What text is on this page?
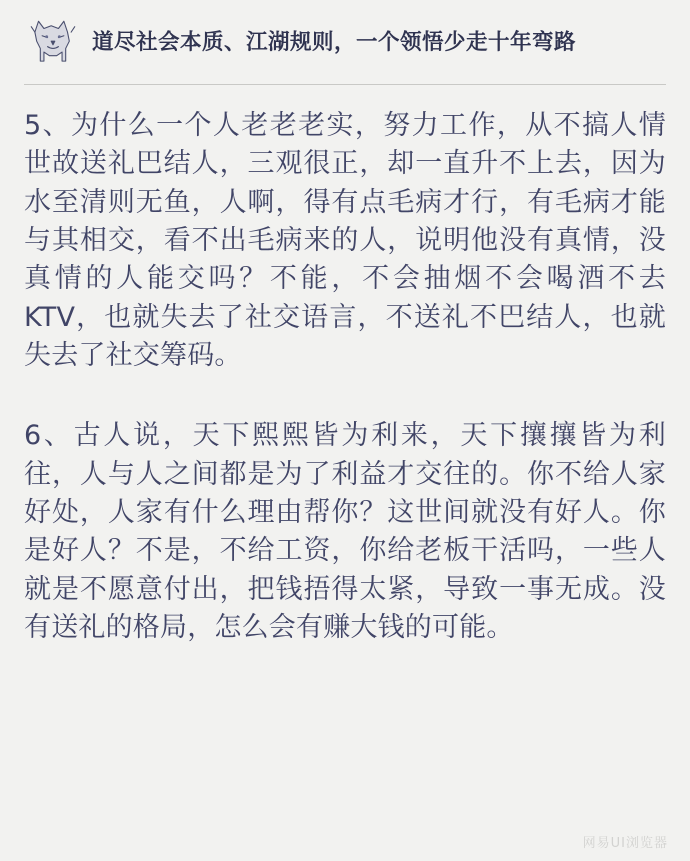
道尽社会本质、江湖规则，一个领悟少走十年弯路

5、为什么一个人老老老实，努力工作，从不搞人情世故送礼巴结人，三观很正，却一直升不上去，因为水至清则无鱼，人啊，得有点毛病才行，有毛病才能与其相交，看不出毛病来的人，说明他没有真情，没真情的人能交吗？不能，不会抽烟不会喝酒不去KTV，也就失去了社交语言，不送礼不巴结人，也就失去了社交筹码。

6、古人说，天下熙熙皆为利来，天下攘攘皆为利往，人与人之间都是为了利益才交往的。你不给人家好处，人家有什么理由帮你？这世间就没有好人。你是好人？不是，不给工资，你给老板干活吗，一些人就是不愿意付出，把钱捂得太紧，导致一事无成。没有送礼的格局，怎么会有赚大钱的可能。

网易UI浏览器
